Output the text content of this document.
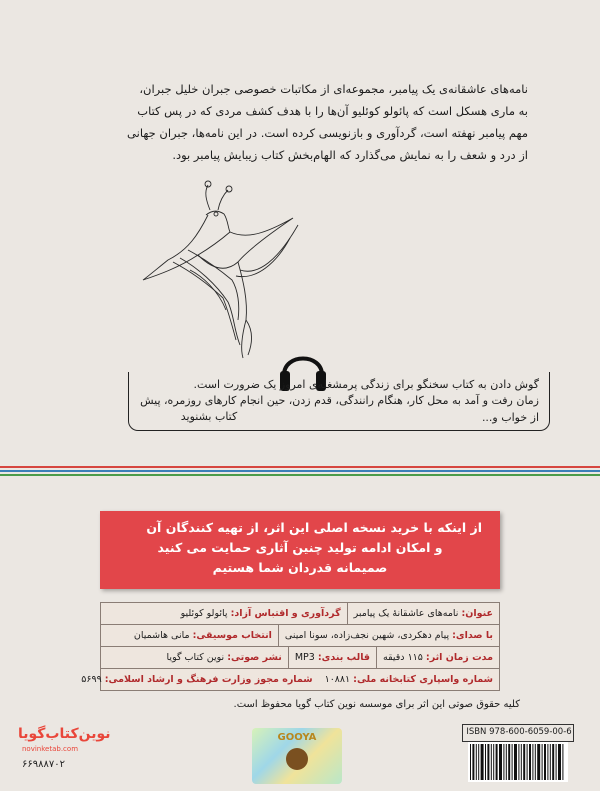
نامه‌های عاشقانه‌ی یک پیامبر، مجموعه‌ای از مکاتبات خصوصی جبران خلیل جبران،

به ماری هسکل است که پائولو کوئلیو آن‌ها را با هدف کشف مردی که در پس کتاب

مهم پیامبر نهفته است، گردآوری و بازنویسی کرده است. در این نامه‌ها، جبران جهانی

از درد و شعف را به نمایش می‌گذارد که الهام‌بخش کتاب زیبایش پیامبر بود.

گوش دادن به کتاب سخنگو برای زندگی پرمشغله‌ی امروز یک ضرورت است.
زمان رفت و آمد به محل کار، هنگام رانندگی، قدم زدن، حین انجام کارهای روزمره، پیش از خواب و...
کتاب بشنوید
از اینکه با خرید نسخه اصلی این اثر، از تهیه کنندگان آن
و امکان ادامه تولید چنین آثاری حمایت می کنید
صمیمانه قدردان شما هستیم
عنوان: نامه‌های عاشقانهٔ یک پیامبر
گردآوری و اقتباس آزاد: پائولو کوئلیو
با صدای: پیام دهکردی، شهین نجف‌زاده، سونا امینی
انتخاب موسیقی: مانی هاشمیان
مدت زمان اثر: ۱۱۵ دقیقه
قالب بندی: MP3
نشر صوتی: نوین کتاب گویا
شماره واسپاری کتابخانه ملی: ۱۰۸۸۱
شماره مجوز وزارت فرهنگ و ارشاد اسلامی: ۵۶۹۹
کلیه حقوق صوتی این اثر برای موسسه نوین کتاب گویا محفوظ است.
ISBN 978-600-6059-00-6
GOOYA
نوین‌کتاب‌گویا
novinketab.com
۶۶۹۸۸۷۰۲
